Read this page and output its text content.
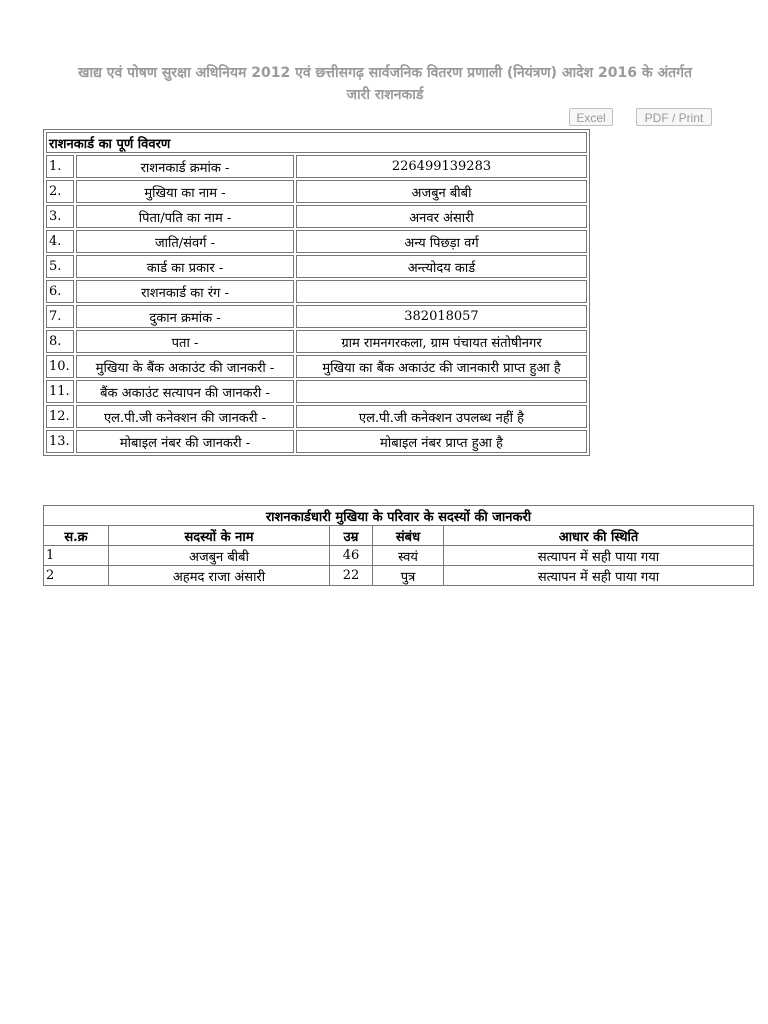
खाद्य एवं पोषण सुरक्षा अधिनियम 2012 एवं छत्तीसगढ़ सार्वजनिक वितरण प्रणाली (नियंत्रण) आदेश 2016 के अंतर्गत
जारी राशनकार्ड
Excel	PDF / Print
राशनकार्ड का पूर्ण विवरण		
1.	राशनकार्ड क्रमांक -	226499139283
2.	मुखिया का नाम -	अजबुन बीबी
3.	पिता/पति का नाम -	अनवर अंसारी
4.	जाति/संवर्ग -	अन्य पिछड़ा वर्ग
5.	कार्ड का प्रकार -	अन्त्योदय कार्ड
6.	राशनकार्ड का रंग -	
7.	दुकान क्रमांक -	382018057
8.	पता -	ग्राम रामनगरकला, ग्राम पंचायत संतोषीनगर
10.	मुखिया के बैंक अकाउंट की जानकरी -	मुखिया का बैंक अकाउंट की जानकारी प्राप्त हुआ है
11.	बैंक अकाउंट सत्यापन की जानकरी -	
12.	एल.पी.जी कनेक्शन की जानकरी -	एल.पी.जी कनेक्शन उपलब्ध नहीं है
13.	मोबाइल नंबर की जानकरी -	मोबाइल नंबर प्राप्त हुआ है
राशनकार्डधारी मुखिया के परिवार के सदस्यों की जानकरी				
स.क्र	सदस्यों के नाम	उम्र	संबंध	आधार की स्थिति
1	अजबुन बीबी	46	स्वयं	सत्यापन में सही पाया गया
2	अहमद राजा अंसारी	22	पुत्र	सत्यापन में सही पाया गया
